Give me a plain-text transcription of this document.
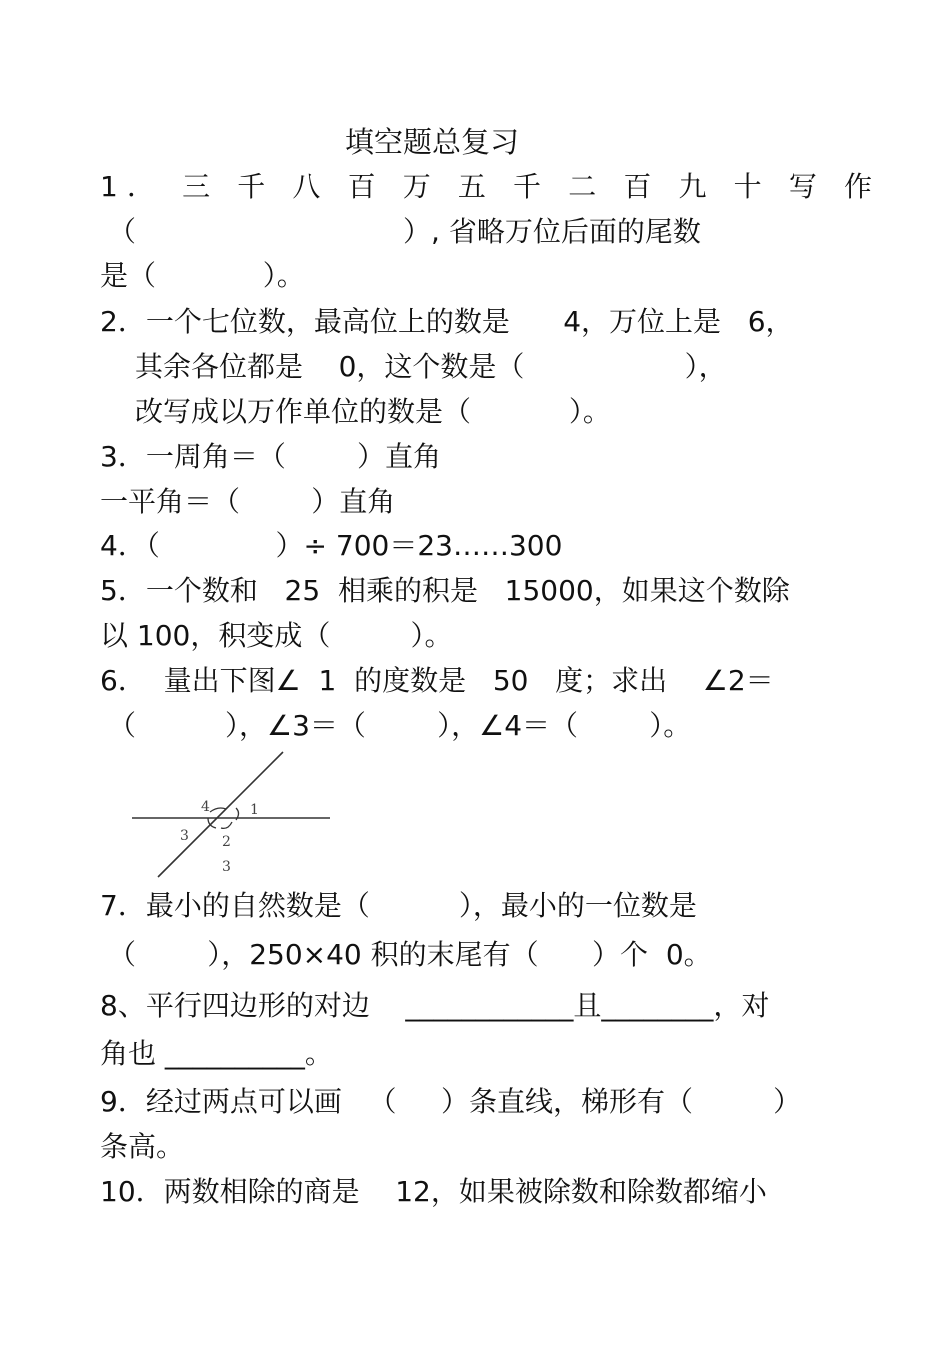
填空题总复习
1． 三 千 八 百 万 五 千 二 百 九 十 写 作
（                              ）, 省略万位后面的尾数
是（            ）。
2．一个七位数，最高位上的数是      4，万位上是   6，
其余各位都是    0，这个数是（                  ），
改写成以万作单位的数是（           ）。
3．一周角＝（        ）直角
一平角＝（        ）直角
4．（             ）÷ 700＝23……300
5．一个数和   25  相乘的积是   15000，如果这个数除
以 100，积变成（         ）。
6．  量出下图∠  1  的度数是   50   度；求出    ∠2＝
（          ），∠3＝（        ），∠4＝（        ）。
1
4
3 2
3
7．最小的自然数是（          ），最小的一位数是
（        ），250×40 积的末尾有（      ）个  0。
8、平行四边形的对边    ____________且________，对
角也 __________。
9．经过两点可以画   （     ）条直线，梯形有（         ）
条高。
10．两数相除的商是    12，如果被除数和除数都缩小
